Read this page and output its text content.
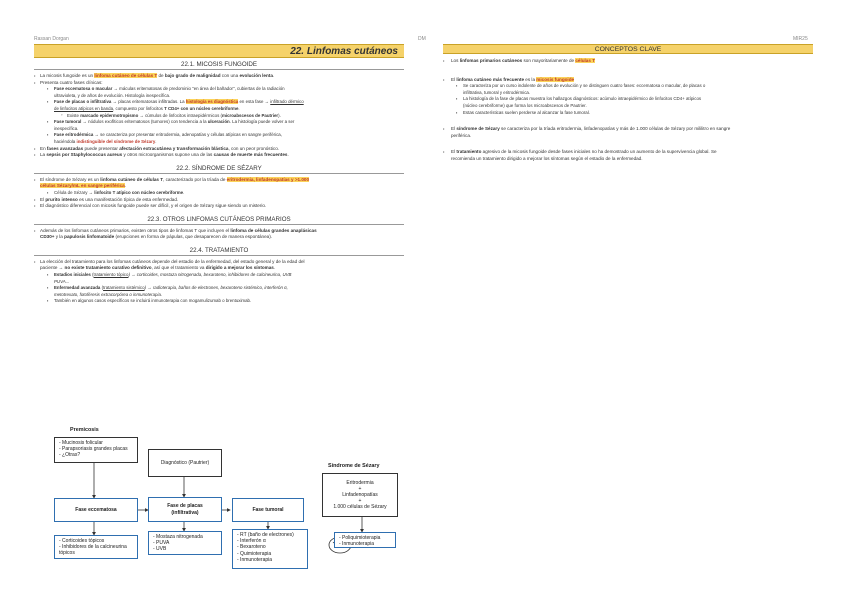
Rassan Dorgan	DM	MIR25
22. Linfomas cutáneos
22.1. MICOSIS FUNGOIDE
• La micosis fungoide es un linfoma cutáneo de células T de bajo grado de malignidad con una evolución lenta.
• Presenta cuatro fases clínicas:
▪ Fase eccematosa o macular → máculas eritematosas de predominio "en área del bañador", cubiertas de la radiación
ultravioleta, y de años de evolución. Histología inespecífica.
▪ Fase de placas o infiltrativa → placas eritematosas infiltradas. La histología es diagnóstica en esta fase → infiltrado dérmico
de linfocitos atípicos en banda, compuesto por linfocitos T CD4+ con un núcleo cerebriforme.
° Existe marcado epidermotropismo → cúmulos de linfocitos intraepidérmicos (microabscesos de Pautrier).
▪ Fase tumoral → nódulos exofíticos eritematosos (tumores) con tendencia a la ulceración. La histología puede volver a ser
inespecífica.
▪ Fase eritrodérmica → se caracteriza por presentar eritrodermia, adenopatías y células atípicas en sangre periférica,
haciéndola indistinguible del síndrome de Sézary.
• En fases avanzadas puede presentar afectación extracutánea y transformación blástica, con un peor pronóstico.
• La sepsis por Staphylococcus aureus y otros microorganismos supone una de las causas de muerte más frecuentes.
22.2. SÍNDROME DE SÉZARY
• El síndrome de Sézary es un linfoma cutáneo de células T, caracterizado por la tríada de eritrodermia, linfadenopatías y >1.000
células Sézary/mL en sangre periférica.
▪ Célula de Sézary → linfocito T atípico con núcleo cerebriforme.
• El prurito intenso es una manifestación típica de esta enfermedad.
• El diagnóstico diferencial con micosis fungoide puede ser difícil, y el origen de Sézary sigue siendo un misterio.
22.3. OTROS LINFOMAS CUTÁNEOS PRIMARIOS
• Además de los linfomas cutáneos primarios, existen otros tipos de linfomas T que incluyen el linfoma de células grandes anaplásicas
CD30+ y la papulosis linfomatoide (erupciones en forma de pápulas, que desaparecen de manera espontánea).
22.4. TRATAMIENTO
• La elección del tratamiento para los linfomas cutáneos depende del estadio de la enfermedad, del estado general y de la edad del
paciente → no existe tratamiento curativo definitivo, así que el tratamiento va dirigido a mejorar los síntomas.
▪ Estadios iniciales (tratamiento tópico) → corticoides, mostaza nitrogenada, bexaroteno, inhibidores de calcineurina, UVB
PUVA...
▪ Enfermedad avanzada (tratamiento sistémico) → radioterapia, baños de electrones, bexaroteno sistémico, interferón α,
metotrexato, fotoféresis extracorpórea o inmunoterapia.
▪ También en algunos casos específicos se incluirá inmunoterapia con mogamulizumab o brentuximab.
Premicosis
- Mucinosis folicular
- Parapsoriasis grandes placas
- ¿Otras?
Diagnóstico (Pautrier)
Fase eccematosa
Fase de placas
(infiltrativa)	Fase tumoral
- Corticoides tópicos
- Inhibidores de la calcineurina
tópicos
- Mostaza nitrogenada
- PUVA
- UVB
- RT (baño de electrones)
- Interferón α
- Bexaroteno
- Quimioterapia
- Inmunoterapia
Síndrome de Sézary
Eritrodermia
+
Linfadenopatías
+
1.000 células de Sézary
- Poliquimioterapia
- Inmunoterapia
CONCEPTOS CLAVE
• Los linfomas primarios cutáneos son mayoritariamente de células T
• El linfoma cutáneo más frecuente es la micosis fungoide
▪ Se caracteriza por un curso indolente de años de evolución y se distinguen cuatro fases: eccematosa o macular, de placas o
infiltrativa, tumoral y eritrodérmica.
▪ La histología de la fase de placas muestra los hallazgos diagnósticos: acúmulo intraepidérmico de linfocitos CD4+ atípicos
(núcleo cerebriforme) que forma los microabscesos de Pautrier.
▪ Estas características suelen perderse al alcanzar la fase tumoral.
• El síndrome de Sézary se caracteriza por la tríada eritrodermia, linfadenopatías y más de 1.000 células de Sézary por mililitro en sangre
periférica.
• El tratamiento agresivo de la micosis fungoide desde fases iniciales no ha demostrado un aumento de la supervivencia global. Se
recomienda un tratamiento dirigido a mejorar los síntomas según el estadio de la enfermedad.
